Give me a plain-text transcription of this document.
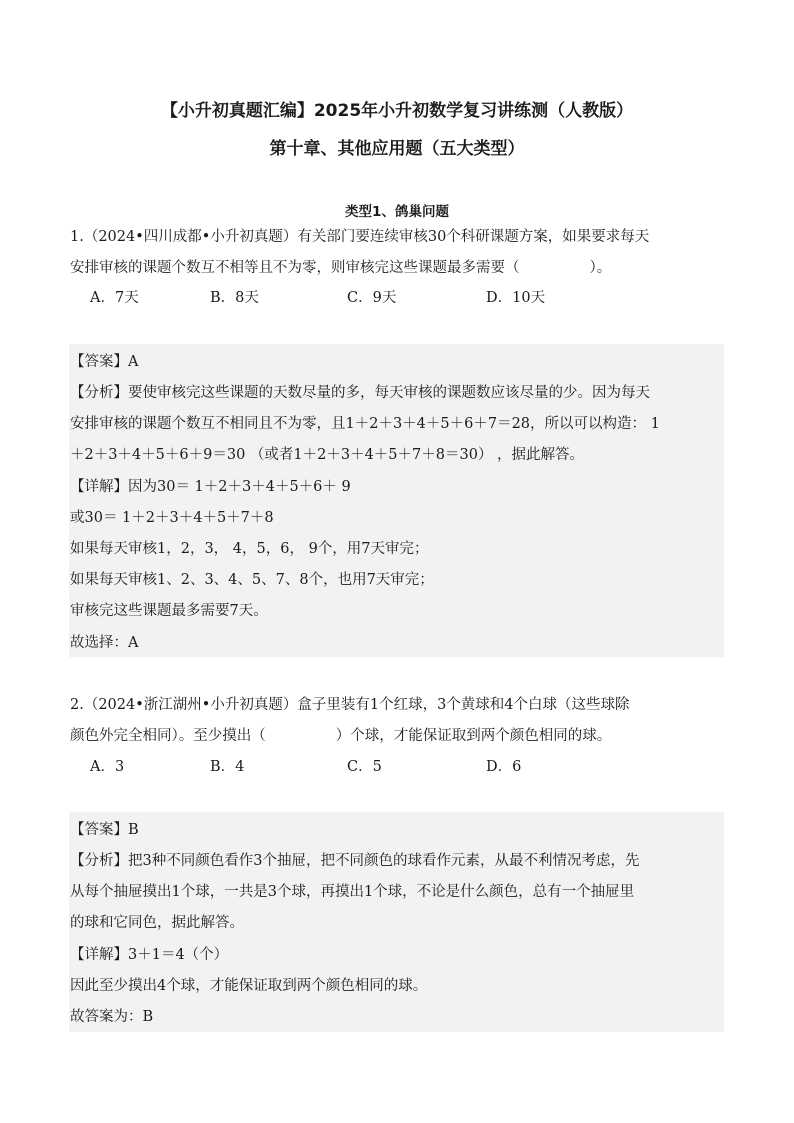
【小升初真题汇编】2025年小升初数学复习讲练测（人教版）
第十章、其他应用题（五大类型）
类型1、鸽巢问题
1.（2024•四川成都•小升初真题）有关部门要连续审核30个科研课题方案，如果要求每天
安排审核的课题个数互不相等且不为零，则审核完这些课题最多需要（	）。
A．7天	B．8天	C．9天	D．10天
【答案】A
【分析】要使审核完这些课题的天数尽量的多，每天审核的课题数应该尽量的少。因为每天
安排审核的课题个数互不相同且不为零，且1＋2＋3＋4＋5＋6＋7＝28，所以可以构造： 1
＋2＋3＋4＋5＋6＋9＝30 （或者1＋2＋3＋4＋5＋7＋8＝30） ，据此解答。
【详解】因为30＝ 1＋2＋3＋4＋5＋6＋ 9
或30＝ 1＋2＋3＋4＋5＋7＋8
如果每天审核1，2，3， 4，5，6， 9个，用7天审完；
如果每天审核1、2、3、4、5、7、8个，也用7天审完；
审核完这些课题最多需要7天。
故选择：A
2.（2024•浙江湖州•小升初真题）盒子里装有1个红球，3个黄球和4个白球（这些球除
颜色外完全相同）。至少摸出（	）个球，才能保证取到两个颜色相同的球。
A．3	B．4	C．5	D．6
【答案】B
【分析】把3种不同颜色看作3个抽屉，把不同颜色的球看作元素，从最不利情况考虑，先
从每个抽屉摸出1个球，一共是3个球，再摸出1个球，不论是什么颜色，总有一个抽屉里
的球和它同色，据此解答。
【详解】3＋1＝4（个）
因此至少摸出4个球，才能保证取到两个颜色相同的球。
故答案为：B
